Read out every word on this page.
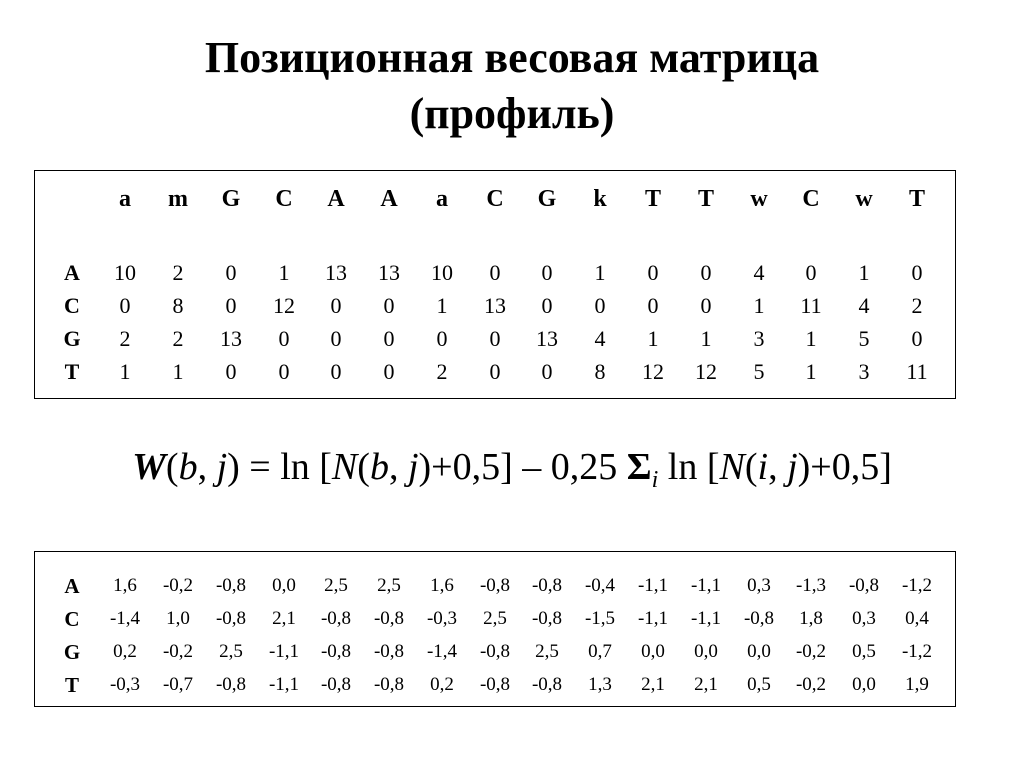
Позиционная весовая матрица
(профиль)
a m G C A A a C G k T T w C w T
A 10 2 0 1 13 13 10 0 0 1 0 0 4 0 1 0
C 0 8 0 12 0 0 1 13 0 0 0 0 1 11 4 2
G 2 2 13 0 0 0 0 0 13 4 1 1 3 1 5 0
T 1 1 0 0 0 0 2 0 0 8 12 12 5 1 3 11
W(b, j) = ln [N(b, j)+0,5] – 0,25 $\Sigma_i$ ln [N(i, j)+0,5]
A 1,6 -0,2 -0,8 0,0 2,5 2,5 1,6 -0,8 -0,8 -0,4 -1,1 -1,1 0,3 -1,3 -0,8 -1,2
C -1,4 1,0 -0,8 2,1 -0,8 -0,8 -0,3 2,5 -0,8 -1,5 -1,1 -1,1 -0,8 1,8 0,3 0,4
G 0,2 -0,2 2,5 -1,1 -0,8 -0,8 -1,4 -0,8 2,5 0,7 0,0 0,0 0,0 -0,2 0,5 -1,2
T -0,3 -0,7 -0,8 -1,1 -0,8 -0,8 0,2 -0,8 -0,8 1,3 2,1 2,1 0,5 -0,2 0,0 1,9
